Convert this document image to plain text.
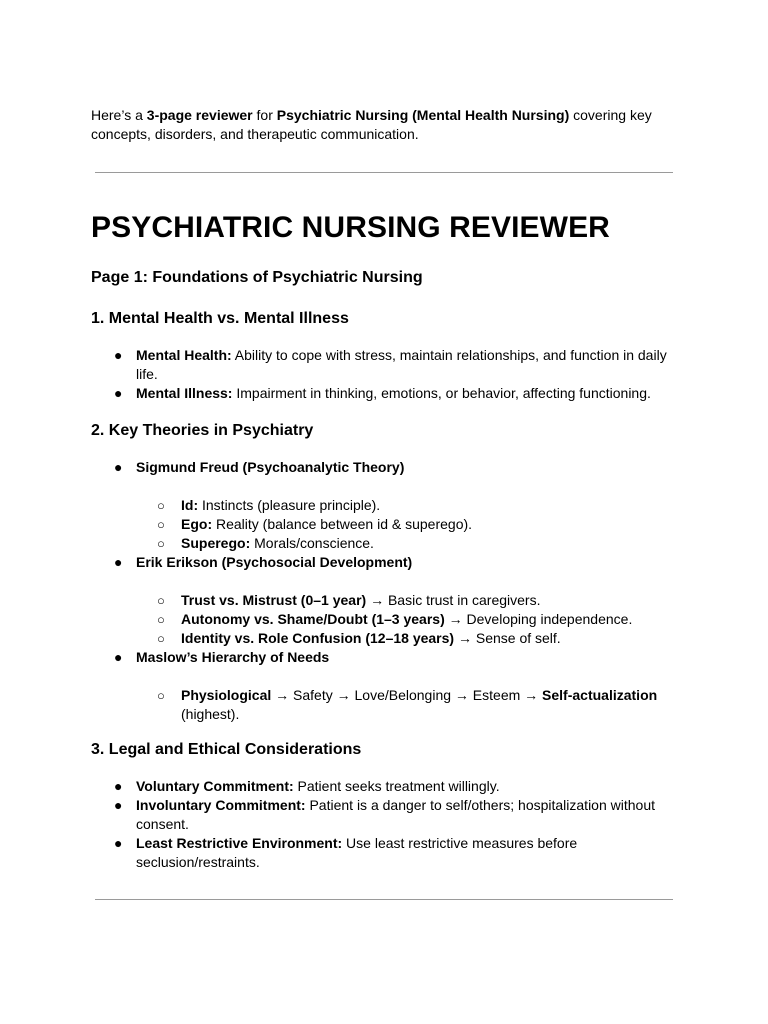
Here’s a 3-page reviewer for Psychiatric Nursing (Mental Health Nursing) covering key concepts, disorders, and therapeutic communication.

PSYCHIATRIC NURSING REVIEWER
Page 1: Foundations of Psychiatric Nursing
1. Mental Health vs. Mental Illness
● Mental Health: Ability to cope with stress, maintain relationships, and function in daily life.
● Mental Illness: Impairment in thinking, emotions, or behavior, affecting functioning.
2. Key Theories in Psychiatry
● Sigmund Freud (Psychoanalytic Theory)
○ Id: Instincts (pleasure principle).
○ Ego: Reality (balance between id & superego).
○ Superego: Morals/conscience.
● Erik Erikson (Psychosocial Development)
○ Trust vs. Mistrust (0–1 year) → Basic trust in caregivers.
○ Autonomy vs. Shame/Doubt (1–3 years) → Developing independence.
○ Identity vs. Role Confusion (12–18 years) → Sense of self.
● Maslow’s Hierarchy of Needs
○ Physiological → Safety → Love/Belonging → Esteem → Self-actualization (highest).
3. Legal and Ethical Considerations
● Voluntary Commitment: Patient seeks treatment willingly.
● Involuntary Commitment: Patient is a danger to self/others; hospitalization without consent.
● Least Restrictive Environment: Use least restrictive measures before seclusion/restraints.
